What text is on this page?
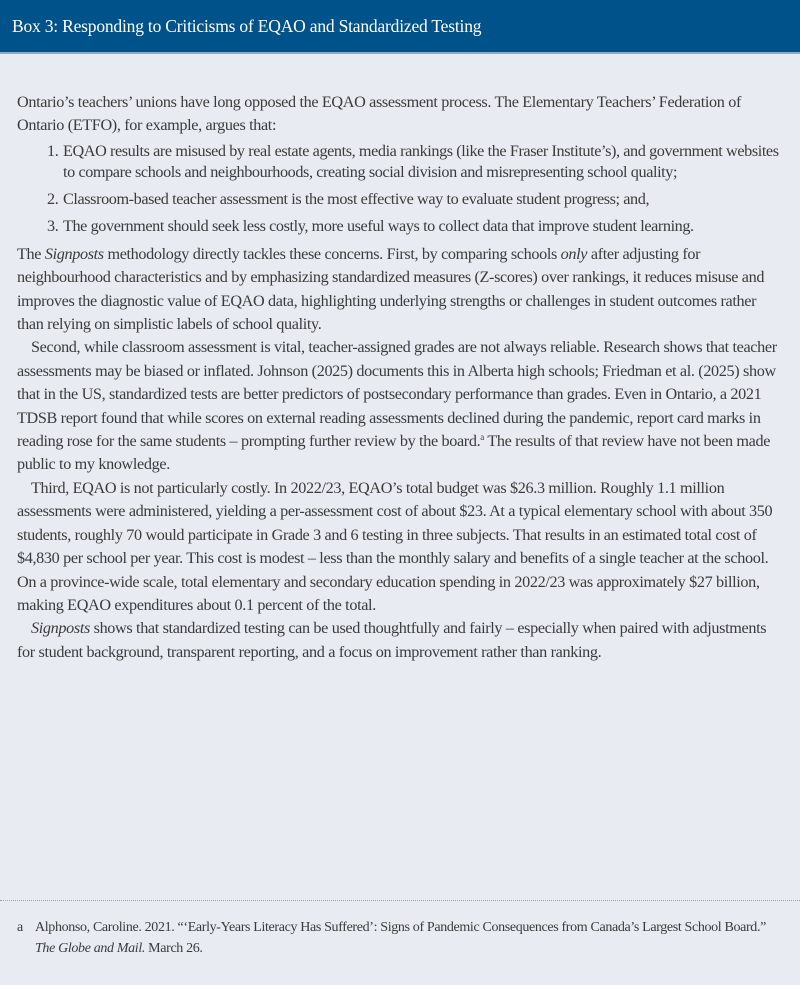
Box 3: Responding to Criticisms of EQAO and Standardized Testing

Ontario’s teachers’ unions have long opposed the EQAO assessment process. The Elementary Teachers’ Federation of Ontario (ETFO), for example, argues that:

1. EQAO results are misused by real estate agents, media rankings (like the Fraser Institute’s), and government websites to compare schools and neighbourhoods, creating social division and misrepresenting school quality;
2. Classroom-based teacher assessment is the most effective way to evaluate student progress; and,
3. The government should seek less costly, more useful ways to collect data that improve student learning.

The Signposts methodology directly tackles these concerns. First, by comparing schools only after adjusting for neighbourhood characteristics and by emphasizing standardized measures (Z-scores) over rankings, it reduces misuse and improves the diagnostic value of EQAO data, highlighting underlying strengths or challenges in student outcomes rather than relying on simplistic labels of school quality.

Second, while classroom assessment is vital, teacher-assigned grades are not always reliable. Research shows that teacher assessments may be biased or inflated. Johnson (2025) documents this in Alberta high schools; Friedman et al. (2025) show that in the US, standardized tests are better predictors of postsecondary performance than grades. Even in Ontario, a 2021 TDSB report found that while scores on external reading assessments declined during the pandemic, report card marks in reading rose for the same students – prompting further review by the board.$^a$ The results of that review have not been made public to my knowledge.

Third, EQAO is not particularly costly. In 2022/23, EQAO’s total budget was $26.3 million. Roughly 1.1 million assessments were administered, yielding a per-assessment cost of about $23. At a typical elementary school with about 350 students, roughly 70 would participate in Grade 3 and 6 testing in three subjects. That results in an estimated total cost of $4,830 per school per year. This cost is modest – less than the monthly salary and benefits of a single teacher at the school. On a province-wide scale, total elementary and secondary education spending in 2022/23 was approximately $27 billion, making EQAO expenditures about 0.1 percent of the total.

Signposts shows that standardized testing can be used thoughtfully and fairly – especially when paired with adjustments for student background, transparent reporting, and a focus on improvement rather than ranking.

a Alphonso, Caroline. 2021. “‘Early-Years Literacy Has Suffered’: Signs of Pandemic Consequences from Canada’s Largest School Board.” The Globe and Mail. March 26.
